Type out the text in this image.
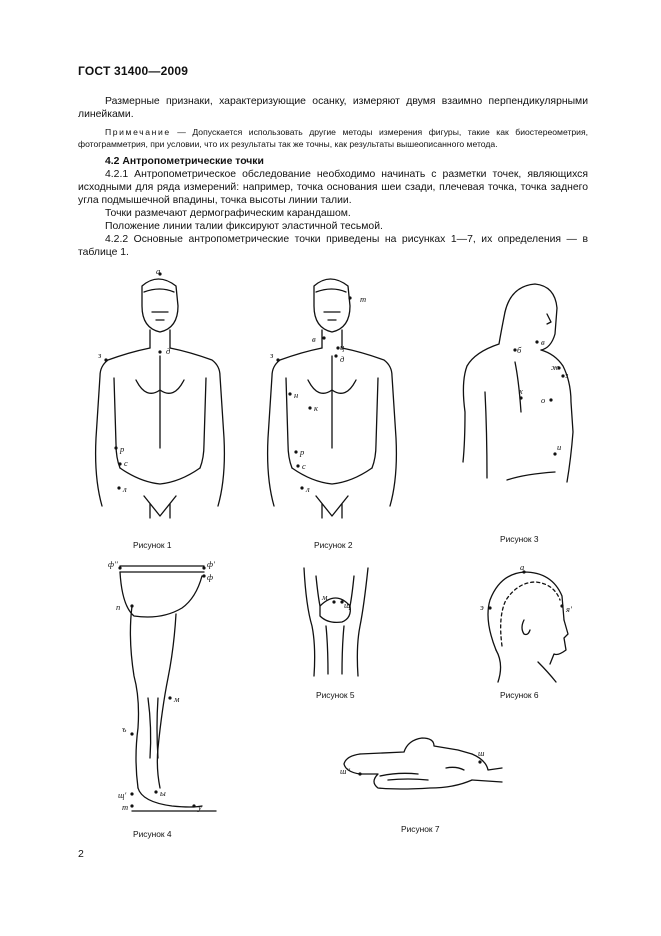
ГОСТ 31400—2009

Размерные признаки, характеризующие осанку, измеряют двумя взаимно перпендикулярными линейками.

Примечание — Допускается использовать другие методы измерения фигуры, такие как биостереометрия, фотограмметрия, при условии, что их результаты так же точны, как результаты вышеописанного метода.

4.2 Антропометрические точки

4.2.1 Антропометрическое обследование необходимо начинать с разметки точек, являющихся исходными для ряда измерений: например, точка основания шеи сзади, плечевая точка, точка заднего угла подмышечной впадины, точка высоты линии талии.

Точки размечают дермографическим карандашом.

Положение линии талии фиксируют эластичной тесьмой.

4.2.2 Основные антропометрические точки приведены на рисунках 1—7, их определения — в таблице 1.

а
д
з
р
с
л
Рисунок 1
т
в
ц
д
з
н
к
р
с
л
Рисунок 2
б
в
ж
з
х
о
и
Рисунок 3
ф''	ф'
ф
п
м
ъ
щ'	ы
т	у
Рисунок 4
м
щ
Рисунок 5
а
э	я'
Рисунок 6
ш
ш''
Рисунок 7
2
